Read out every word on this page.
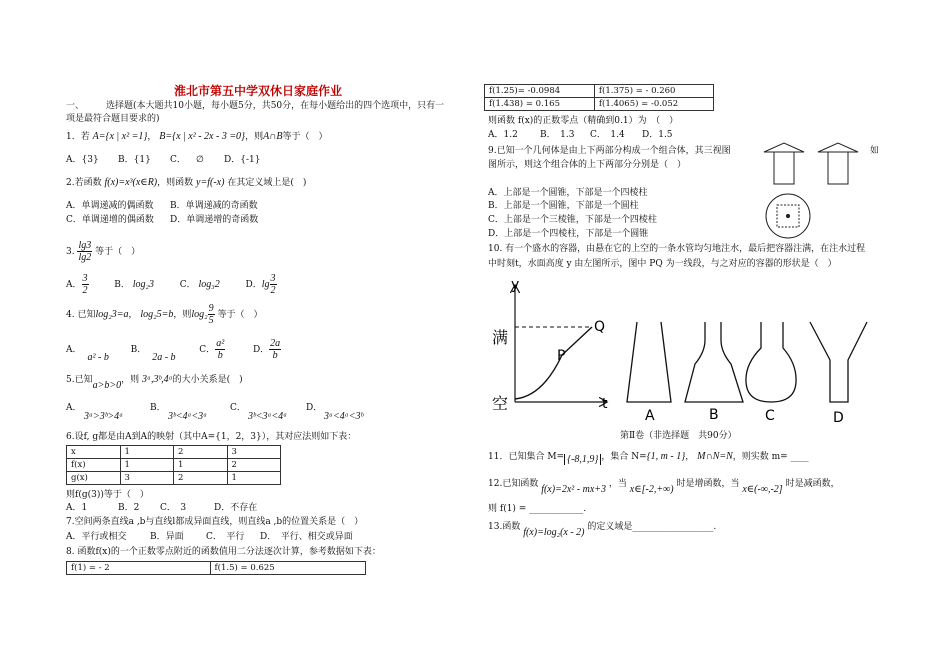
淮北市第五中学双休日家庭作业
一、 选择题(本大题共10小题，每小题5分，共50分，在每小题给出的四个选项中，只有一
项是最符合题目要求的)
1．若 A={x | x² =1}， B={x | x² - 2x - 3 =0}，则A∩B等于（　）
A．{3} B．{1} C． ∅ D．{-1}
2.若函数 f(x)=x³(x∈R)，则函数 y=f(-x) 在其定义域上是(　)
A．单调递减的偶函数 B．单调递减的奇函数
C．单调递增的偶函数 D．单调递增的奇函数
3. $\frac{\lg 3}{\lg 2}$ 等于（　）
A． $\frac{3}{2}$	B． log₂3	C． log₃2	D．$\lg \frac{3}{2}$
4. 已知log₂3=a， log₂5=b，则$\log_2 \frac{9}{5}$ 等于（　）
A．a² - b  B．2a - b  C． $\frac{\text{a²}}{b}$	D． $\frac{2a}{b}$
5.已知a>b>0，则 3ᵃ,3ᵇ,4ᵃ的大小关系是(　)
A．
3ᵃ>3ᵇ>4ᵃ
B．
3ᵇ<4ᵃ<3ᵃ
C．
3ᵇ<3ᵃ<4ᵃ
D．
3ᵃ<4ᵃ<3ᵇ
6.设f, g都是由A到A的映射（其中A={1，2，3}），其对应法则如下表：
x	1	2	3
f(x)	1	1	2
g(x)	3	2	1
则f(g(3))等于（　）
A．1	B．2 C．　3	D．不存在
7.空间两条直线a ,b与直线l都成异面直线，则直线a ,b的位置关系是（　）
A．平行或相交	B．异面 C．　平行 D．　平行、相交或异面
8. 函数f(x)的一个正数零点附近的函数值用二分法逐次计算，参考数据如下表：
f(1) = - 2	f(1.5) = 0.625
f(1.25)= -0.0984	f(1.375) = - 0.260
f(1.438) = 0.165	f(1.4065) = -0.052
则函数 f(x)的正数零点（精确到0.1）为　（　）
A．1.2 B．　1.3 C．　1.4 D．1.5
9.已知一个几何体是由上下两部分构成一个组合体，其三视图	如
图所示，则这个组合体的上下两部分分别是（　）
A．上部是一个圆锥，下部是一个四棱柱
B．上部是一个圆锥，下部是一个圆柱
C．上部是一个三棱锥，下部是一个四棱柱
D．上部是一个四棱柱，下部是一个圆锥
10. 有一个盛水的容器，由悬在它的上空的一条水管均匀地注水，最后把容器注满，在注水过程
中时刻t，水面高度 y 由左图所示，图中 PQ 为一线段，与之对应的容器的形状是（　）
y
t
满
空
P
Q
A	B	C	D
第Ⅱ卷（非选择题　共90分）
11．已知集合 M= {-8,1,9} ，集合 N={1, m - 1}， M∩N=N，则实数 m= ____
12.已知函数 f(x)=2x² - mx+3 ，当 x∈[-2,+∞) 时是增函数，当 x∈(-∞,-2] 时是减函数，
则 f(1) = ____________.
13.函数 f(x)=log₂(x - 2) 的定义域是__________________.
